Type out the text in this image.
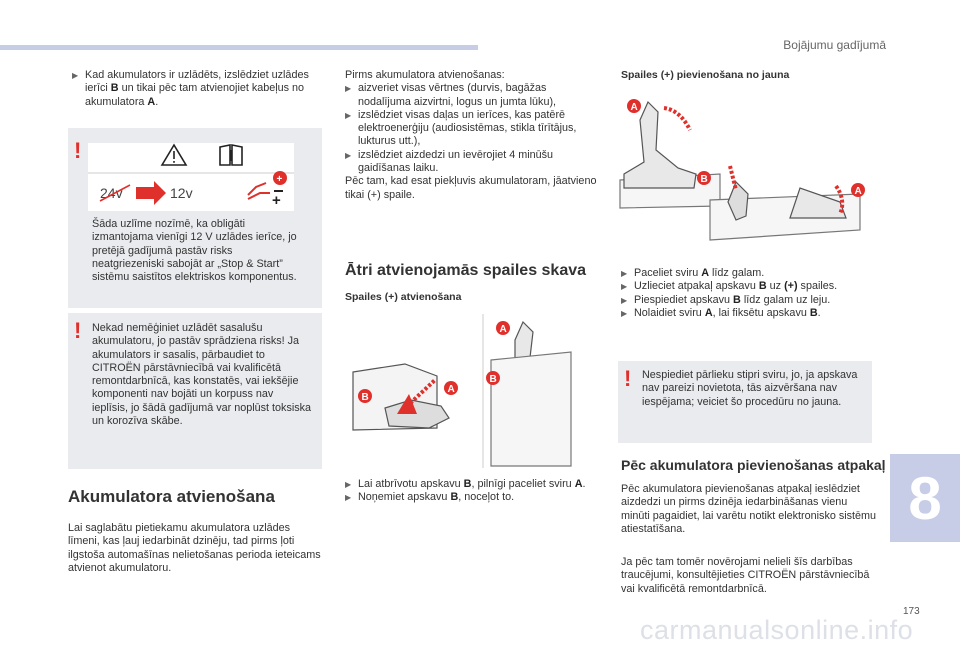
Bojājumu gadījumā
8
173
carmanualsonline.info
▶ Kad akumulators ir uzlādēts, izslēdziet uzlādes ierīci B un tikai pēc tam atvienojiet kabeļus no akumulatora A.

!
24v	12v
+
+
Šāda uzlīme nozīmē, ka obligāti izmantojama vienīgi 12 V uzlādes ierīce, jo pretējā gadījumā pastāv risks neatgriezeniski sabojāt ar „Stop & Start” sistēmu saistītos elektriskos komponentus.
! Nekad nemēģiniet uzlādēt sasalušu akumulatoru, jo pastāv sprādziena risks! Ja akumulators ir sasalis, pārbaudiet to CITROËN pārstāvniecībā vai kvalificētā remontdarbnīcā, kas konstatēs, vai iekšējie komponenti nav bojāti un korpuss nav ieplīsis, jo šādā gadījumā var noplūst toksiska un korozīva skābe.
Akumulatora atvienošana
Lai saglabātu pietiekamu akumulatora uzlādes līmeni, kas ļauj iedarbināt dzinēju, tad pirms ļoti ilgstoša automašīnas nelietošanas perioda ieteicams atvienot akumulatoru.

Pirms akumulatora atvienošanas:

▶ aizveriet visas vērtnes (durvis, bagāžas nodalījuma aizvirtni, logus un jumta lūku),

▶ izslēdziet visas daļas un ierīces, kas patērē elektroenerģiju (audiosistēmas, stikla tīrītājus, lukturus utt.),

▶ izslēdziet aizdedzi un ievērojiet 4 minūšu gaidīšanas laiku.

Pēc tam, kad esat piekļuvis akumulatoram, jāatvieno tikai (+) spaile.

Ātri atvienojamās spailes skava
Spailes (+) atvienošana
B
A
A
B
▶ Lai atbrīvotu apskavu B, pilnīgi paceliet sviru A.

▶ Noņemiet apskavu B, noceļot to.

Spailes (+) pievienošana no jauna
A
B
A
▶ Paceliet sviru A līdz galam.

▶ Uzlieciet atpakaļ apskavu B uz (+) spailes.

▶ Piespiediet apskavu B līdz galam uz leju.

▶ Nolaidiet sviru A, lai fiksētu apskavu B.

! Nespiediet pārlieku stipri sviru, jo, ja apskava nav pareizi novietota, tās aizvēršana nav iespējama; veiciet šo procedūru no jauna.
Pēc akumulatora pievienošanas atpakaļ
Pēc akumulatora pievienošanas atpakaļ ieslēdziet aizdedzi un pirms dzinēja iedarbināšanas vienu minūti pagaidiet, lai varētu notikt elektronisko sistēmu atiestatīšana.
Ja pēc tam tomēr novērojami nelieli šīs darbības traucējumi, konsultējieties CITROËN pārstāvniecībā vai kvalificētā remontdarbnīcā.
